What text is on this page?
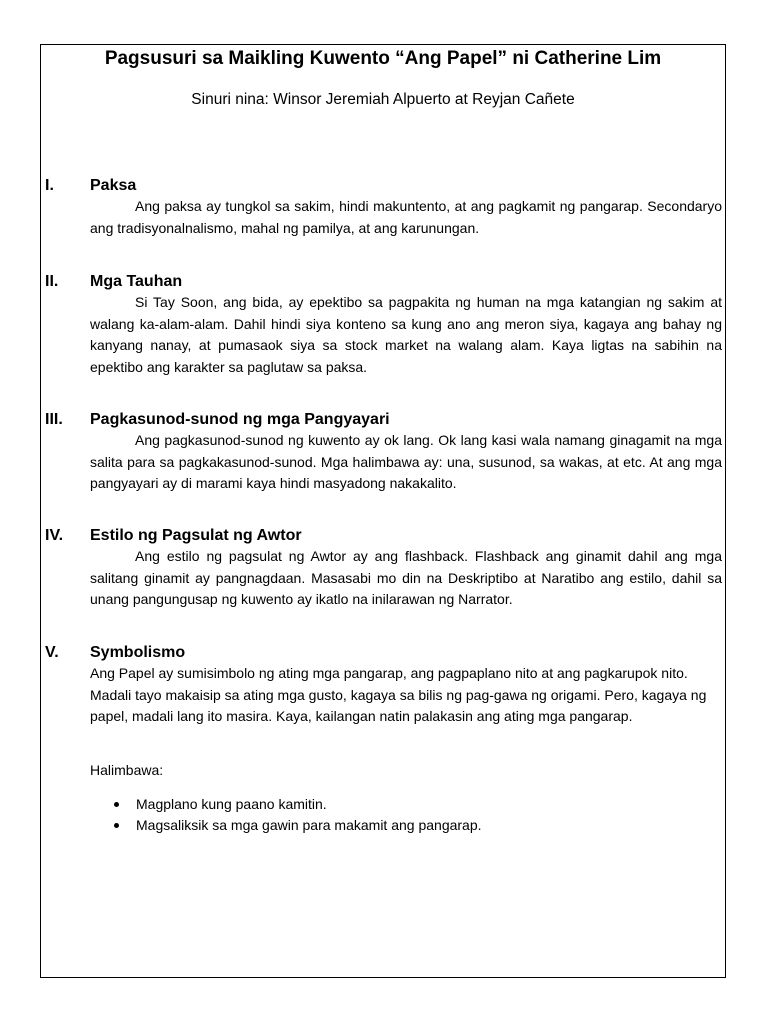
Pagsusuri sa Maikling Kuwento “Ang Papel” ni Catherine Lim
Sinuri nina: Winsor Jeremiah Alpuerto at Reyjan Cañete
I. Paksa

Ang paksa ay tungkol sa sakim, hindi makuntento, at ang pagkamit ng pangarap. Secondaryo ang tradisyonalnalismo, mahal ng pamilya, at ang karunungan.

II. Mga Tauhan

Si Tay Soon, ang bida, ay epektibo sa pagpakita ng human na mga katangian ng sakim at walang ka-alam-alam. Dahil hindi siya konteno sa kung ano ang meron siya, kagaya ang bahay ng kanyang nanay, at pumasaok siya sa stock market na walang alam. Kaya ligtas na sabihin na epektibo ang karakter sa paglutaw sa paksa.

III. Pagkasunod-sunod ng mga Pangyayari

Ang pagkasunod-sunod ng kuwento ay ok lang. Ok lang kasi wala namang ginagamit na mga salita para sa pagkakasunod-sunod. Mga halimbawa ay: una, susunod, sa wakas, at etc. At ang mga pangyayari ay di marami kaya hindi masyadong nakakalito.

IV. Estilo ng Pagsulat ng Awtor

Ang estilo ng pagsulat ng Awtor ay ang flashback. Flashback ang ginamit dahil ang mga salitang ginamit ay pangnagdaan. Masasabi mo din na Deskriptibo at Naratibo ang estilo, dahil sa unang pangungusap ng kuwento ay ikatlo na inilarawan ng Narrator.

V. Symbolismo

Ang Papel ay sumisimbolo ng ating mga pangarap, ang pagpaplano nito at ang pagkarupok nito. Madali tayo makaisip sa ating mga gusto, kagaya sa bilis ng pag-gawa ng origami. Pero, kagaya ng papel, madali lang ito masira. Kaya, kailangan natin palakasin ang ating mga pangarap.

Halimbawa:
Magplano kung paano kamitin.
Magsaliksik sa mga gawin para makamit ang pangarap.
